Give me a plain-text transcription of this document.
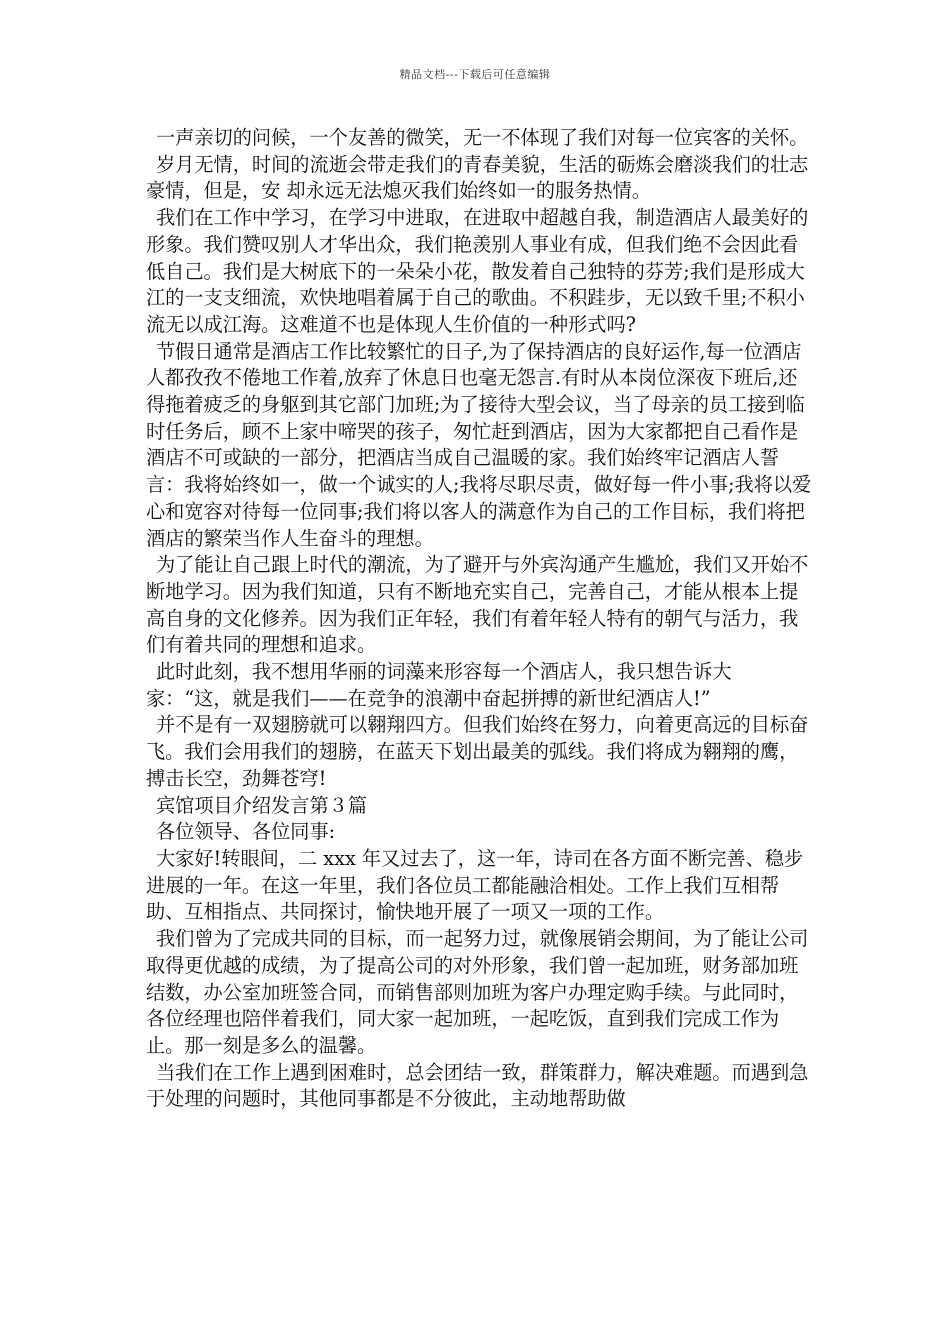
精品文档---下载后可任意编辑

一声亲切的问候，一个友善的微笑，无一不体现了我们对每一位宾客的关怀。

岁月无情，时间的流逝会带走我们的青春美貌，生活的砺炼会磨淡我们的壮志豪情，但是，安 却永远无法熄灭我们始终如一的服务热情。

我们在工作中学习，在学习中进取，在进取中超越自我，制造酒店人最美好的形象。我们赞叹别人才华出众，我们艳羡别人事业有成，但我们绝不会因此看低自己。我们是大树底下的一朵朵小花，散发着自己独特的芬芳;我们是形成大江的一支支细流，欢快地唱着属于自己的歌曲。不积跬步，无以致千里;不积小流无以成江海。这难道不也是体现人生价值的一种形式吗?

节假日通常是酒店工作比较繁忙的日子,为了保持酒店的良好运作,每一位酒店人都孜孜不倦地工作着,放弃了休息日也毫无怨言.有时从本岗位深夜下班后,还得拖着疲乏的身躯到其它部门加班;为了接待大型会议，当了母亲的员工接到临时任务后，顾不上家中啼哭的孩子，匆忙赶到酒店，因为大家都把自己看作是酒店不可或缺的一部分，把酒店当成自己温暖的家。我们始终牢记酒店人誓言：我将始终如一，做一个诚实的人;我将尽职尽责，做好每一件小事;我将以爱心和宽容对待每一位同事;我们将以客人的满意作为自己的工作目标，我们将把酒店的繁荣当作人生奋斗的理想。

为了能让自己跟上时代的潮流，为了避开与外宾沟通产生尴尬，我们又开始不断地学习。因为我们知道，只有不断地充实自己，完善自己，才能从根本上提高自身的文化修养。因为我们正年轻，我们有着年轻人特有的朝气与活力，我们有着共同的理想和追求。

此时此刻，我不想用华丽的词藻来形容每一个酒店人，我只想告诉大家：“这，就是我们——在竞争的浪潮中奋起拼搏的新世纪酒店人!”

并不是有一双翅膀就可以翱翔四方。但我们始终在努力，向着更高远的目标奋飞。我们会用我们的翅膀，在蓝天下划出最美的弧线。我们将成为翱翔的鹰，搏击长空，劲舞苍穹!

宾馆项目介绍发言第３篇

各位领导、各位同事:

大家好!转眼间，二 xxx 年又过去了，这一年，诗司在各方面不断完善、稳步进展的一年。在这一年里，我们各位员工都能融洽相处。工作上我们互相帮助、互相指点、共同探讨，愉快地开展了一项又一项的工作。

我们曾为了完成共同的目标，而一起努力过，就像展销会期间，为了能让公司取得更优越的成绩，为了提高公司的对外形象，我们曾一起加班，财务部加班结数，办公室加班签合同，而销售部则加班为客户办理定购手续。与此同时，各位经理也陪伴着我们，同大家一起加班，一起吃饭，直到我们完成工作为止。那一刻是多么的温馨。

当我们在工作上遇到困难时，总会团结一致，群策群力，解决难题。而遇到急于处理的问题时，其他同事都是不分彼此，主动地帮助做
